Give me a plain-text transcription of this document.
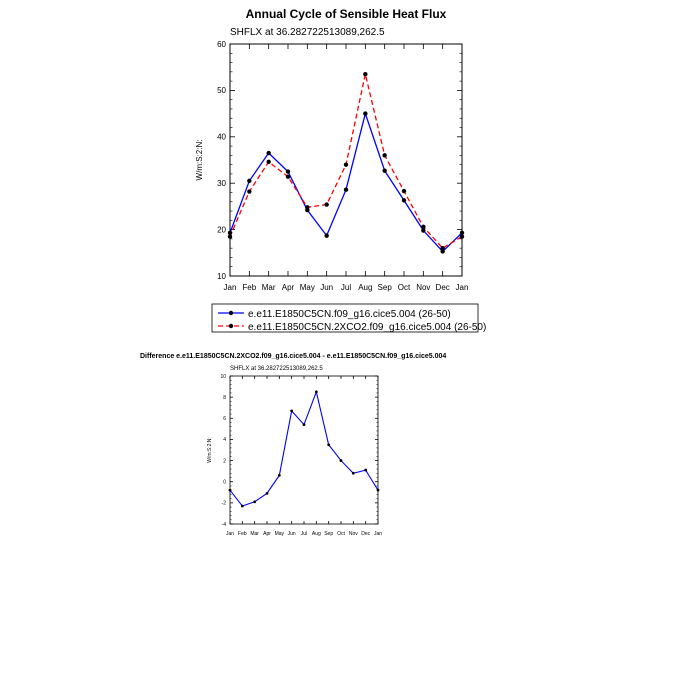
Annual Cycle of Sensible Heat Flux
SHFLX at 36.282722513089,262.5
W/m:S:2:N:
10
20
30
40
50
60
Jan Feb Mar Apr May Jun Jul Aug Sep Oct Nov Dec Jan
e.e11.E1850C5CN.f09_g16.cice5.004 (26-50)
e.e11.E1850C5CN.2XCO2.f09_g16.cice5.004 (26-50)
Difference e.e11.E1850C5CN.2XCO2.f09_g16.cice5.004 - e.e11.E1850C5CN.f09_g16.cice5.004
SHFLX at 36.282722513089,262.5
W/m:S:2:N:
-4
-2
0
2
4
6
8
10
Jan Feb Mar Apr May Jun Jul Aug Sep Oct Nov Dec Jan
